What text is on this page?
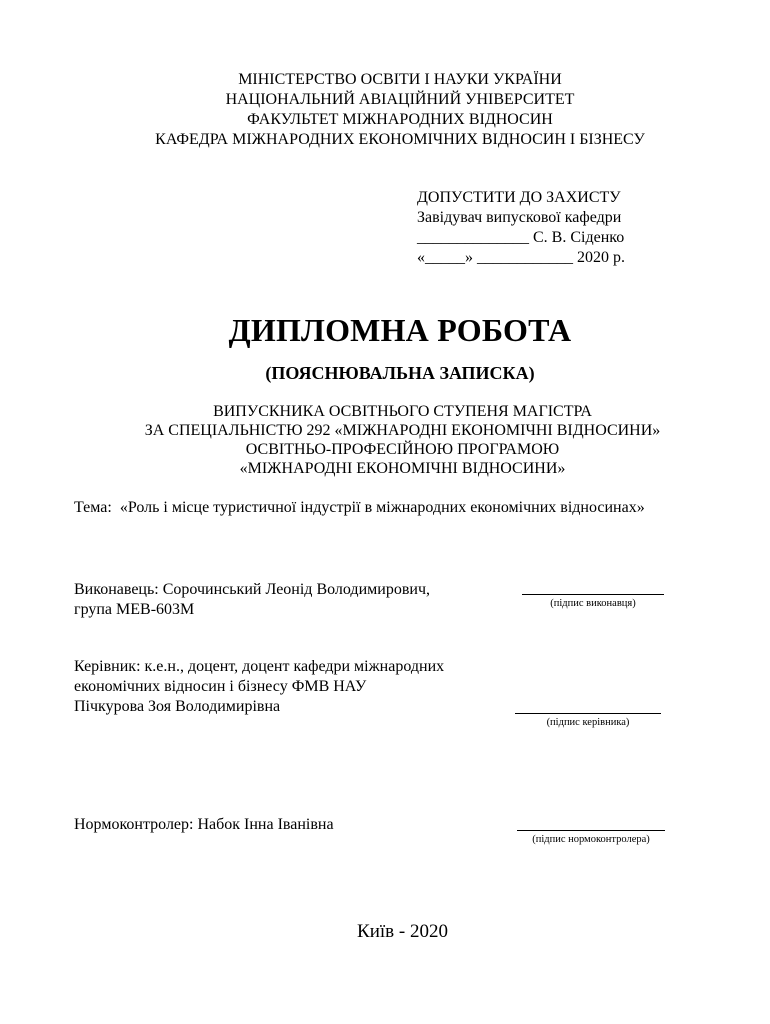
МІНІСТЕРСТВО ОСВІТИ І НАУКИ УКРАЇНИ
НАЦІОНАЛЬНИЙ АВІАЦІЙНИЙ УНІВЕРСИТЕТ
ФАКУЛЬТЕТ МІЖНАРОДНИХ ВІДНОСИН
КАФЕДРА МІЖНАРОДНИХ ЕКОНОМІЧНИХ ВІДНОСИН І БІЗНЕСУ
ДОПУСТИТИ ДО ЗАХИСТУ
Завідувач випускової кафедри
______________ С. В. Сіденко
«_____» ____________ 2020 р.
ДИПЛОМНА РОБОТА
(ПОЯСНЮВАЛЬНА ЗАПИСКА)
ВИПУСКНИКА ОСВІТНЬОГО СТУПЕНЯ МАГІСТРА
ЗА СПЕЦІАЛЬНІСТЮ 292 «МІЖНАРОДНІ ЕКОНОМІЧНІ ВІДНОСИНИ»
ОСВІТНЬО-ПРОФЕСІЙНОЮ ПРОГРАМОЮ
«МІЖНАРОДНІ ЕКОНОМІЧНІ ВІДНОСИНИ»
Тема: «Роль і місце туристичної індустрії в міжнародних економічних відносинах»
Виконавець: Сорочинський Леонід Володимирович,
група МЕВ-603М	(підпис виконавця)
Керівник: к.е.н., доцент, доцент кафедри міжнародних
економічних відносин і бізнесу ФМВ НАУ
Пічкурова Зоя Володимирівна
(підпис керівника)
Нормоконтролер: Набок Інна Іванівна
(підпис нормоконтролера)
Київ - 2020
